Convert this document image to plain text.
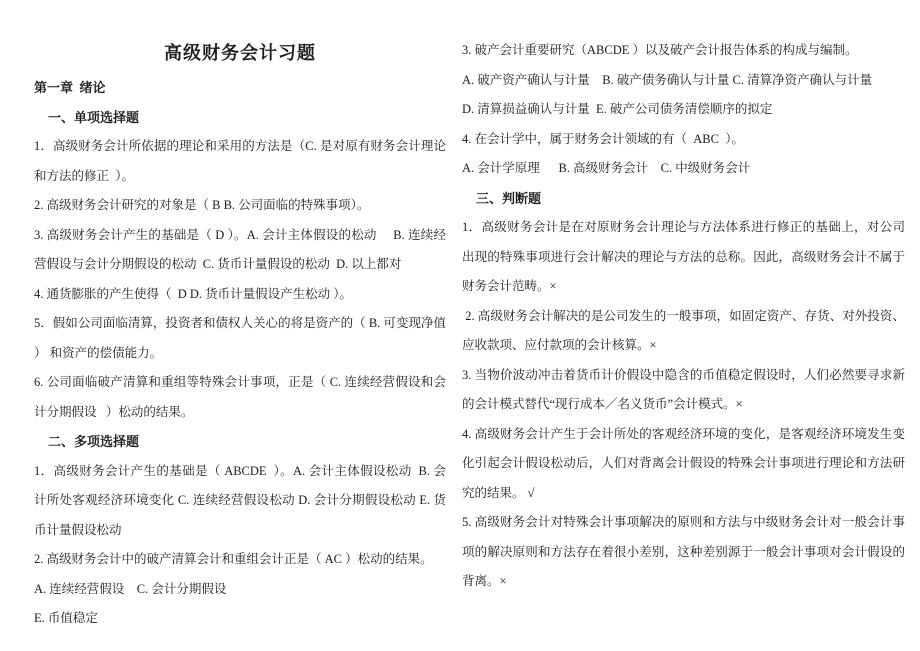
高级财务会计习题

第一章  绪论

一、单项选择题

1．高级财务会计所依据的理论和采用的方法是（C. 是对原有财务会计理论和方法的修正  ）。

2. 高级财务会计研究的对象是（ B B. 公司面临的特殊事项）。

3. 高级财务会计产生的基础是（ D ）。A. 会计主体假设的松动     B. 连续经营假设与会计分期假设的松动  C. 货币计量假设的松动  D. 以上都对

4. 通货膨胀的产生使得（  D D. 货币计量假设产生松动 ）。

5．假如公司面临清算，投资者和债权人关心的将是资产的（ B. 可变现净值  ） 和资产的偿债能力。

6. 公司面临破产清算和重组等特殊会计事项，正是（ C. 连续经营假设和会计分期假设   ）松动的结果。

二、多项选择题

1．高级财务会计产生的基础是（ ABCDE  ）。A. 会计主体假设松动  B. 会计所处客观经济环境变化 C. 连续经营假设松动 D. 会计分期假设松动 E. 货币计量假设松动

2. 高级财务会计中的破产清算会计和重组会计正是（ AC ）松动的结果。

A. 连续经营假设    C. 会计分期假设

E. 币值稳定

3. 破产会计重要研究（ABCDE ）以及破产会计报告体系的构成与编制。

A. 破产资产确认与计量    B. 破产债务确认与计量 C. 清算净资产确认与计量

D. 清算损益确认与计量  E. 破产公司债务清偿顺序的拟定

4. 在会计学中，属于财务会计领域的有（  ABC  ）。

A. 会计学原理      B. 高级财务会计    C. 中级财务会计

三、判断题

1．高级财务会计是在对原财务会计理论与方法体系进行修正的基础上，对公司出现的特殊事项进行会计解决的理论与方法的总称。因此，高级财务会计不属于财务会计范畴。×

2. 高级财务会计解决的是公司发生的一般事项，如固定资产、存货、对外投资、应收款项、应付款项的会计核算。×

3. 当物价波动冲击着货币计价假设中隐含的币值稳定假设时，人们必然要寻求新的会计模式替代“现行成本／名义货币”会计模式。×

4. 高级财务会计产生于会计所处的客观经济环境的变化，是客观经济环境发生变化引起会计假设松动后，人们对背离会计假设的特殊会计事项进行理论和方法研究的结果。 √

5. 高级财务会计对特殊会计事项解决的原则和方法与中级财务会计对一般会计事项的解决原则和方法存在着很小差别，这种差别源于一般会计事项对会计假设的背离。×
